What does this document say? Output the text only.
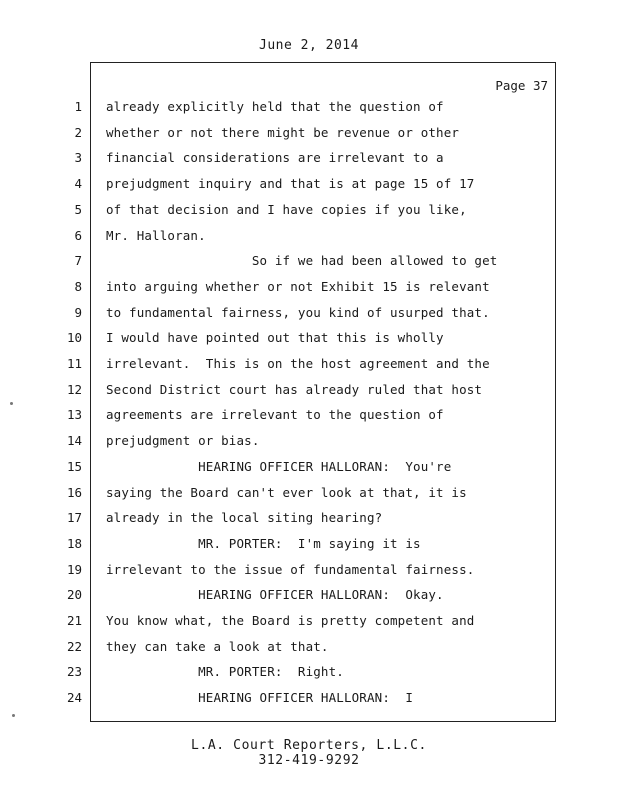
June 2, 2014
Page 37
1 already explicitly held that the question of
2 whether or not there might be revenue or other
3 financial considerations are irrelevant to a
4 prejudgment inquiry and that is at page 15 of 17
5 of that decision and I have copies if you like,
6 Mr. Halloran.
7 So if we had been allowed to get
8 into arguing whether or not Exhibit 15 is relevant
9 to fundamental fairness, you kind of usurped that.
10 I would have pointed out that this is wholly
11 irrelevant.  This is on the host agreement and the
12 Second District court has already ruled that host
13 agreements are irrelevant to the question of
14 prejudgment or bias.
15 HEARING OFFICER HALLORAN:  You're
16 saying the Board can't ever look at that, it is
17 already in the local siting hearing?
18 MR. PORTER:  I'm saying it is
19 irrelevant to the issue of fundamental fairness.
20 HEARING OFFICER HALLORAN:  Okay.
21 You know what, the Board is pretty competent and
22 they can take a look at that.
23 MR. PORTER:  Right.
24 HEARING OFFICER HALLORAN:  I
L.A. Court Reporters, L.L.C.
312-419-9292
